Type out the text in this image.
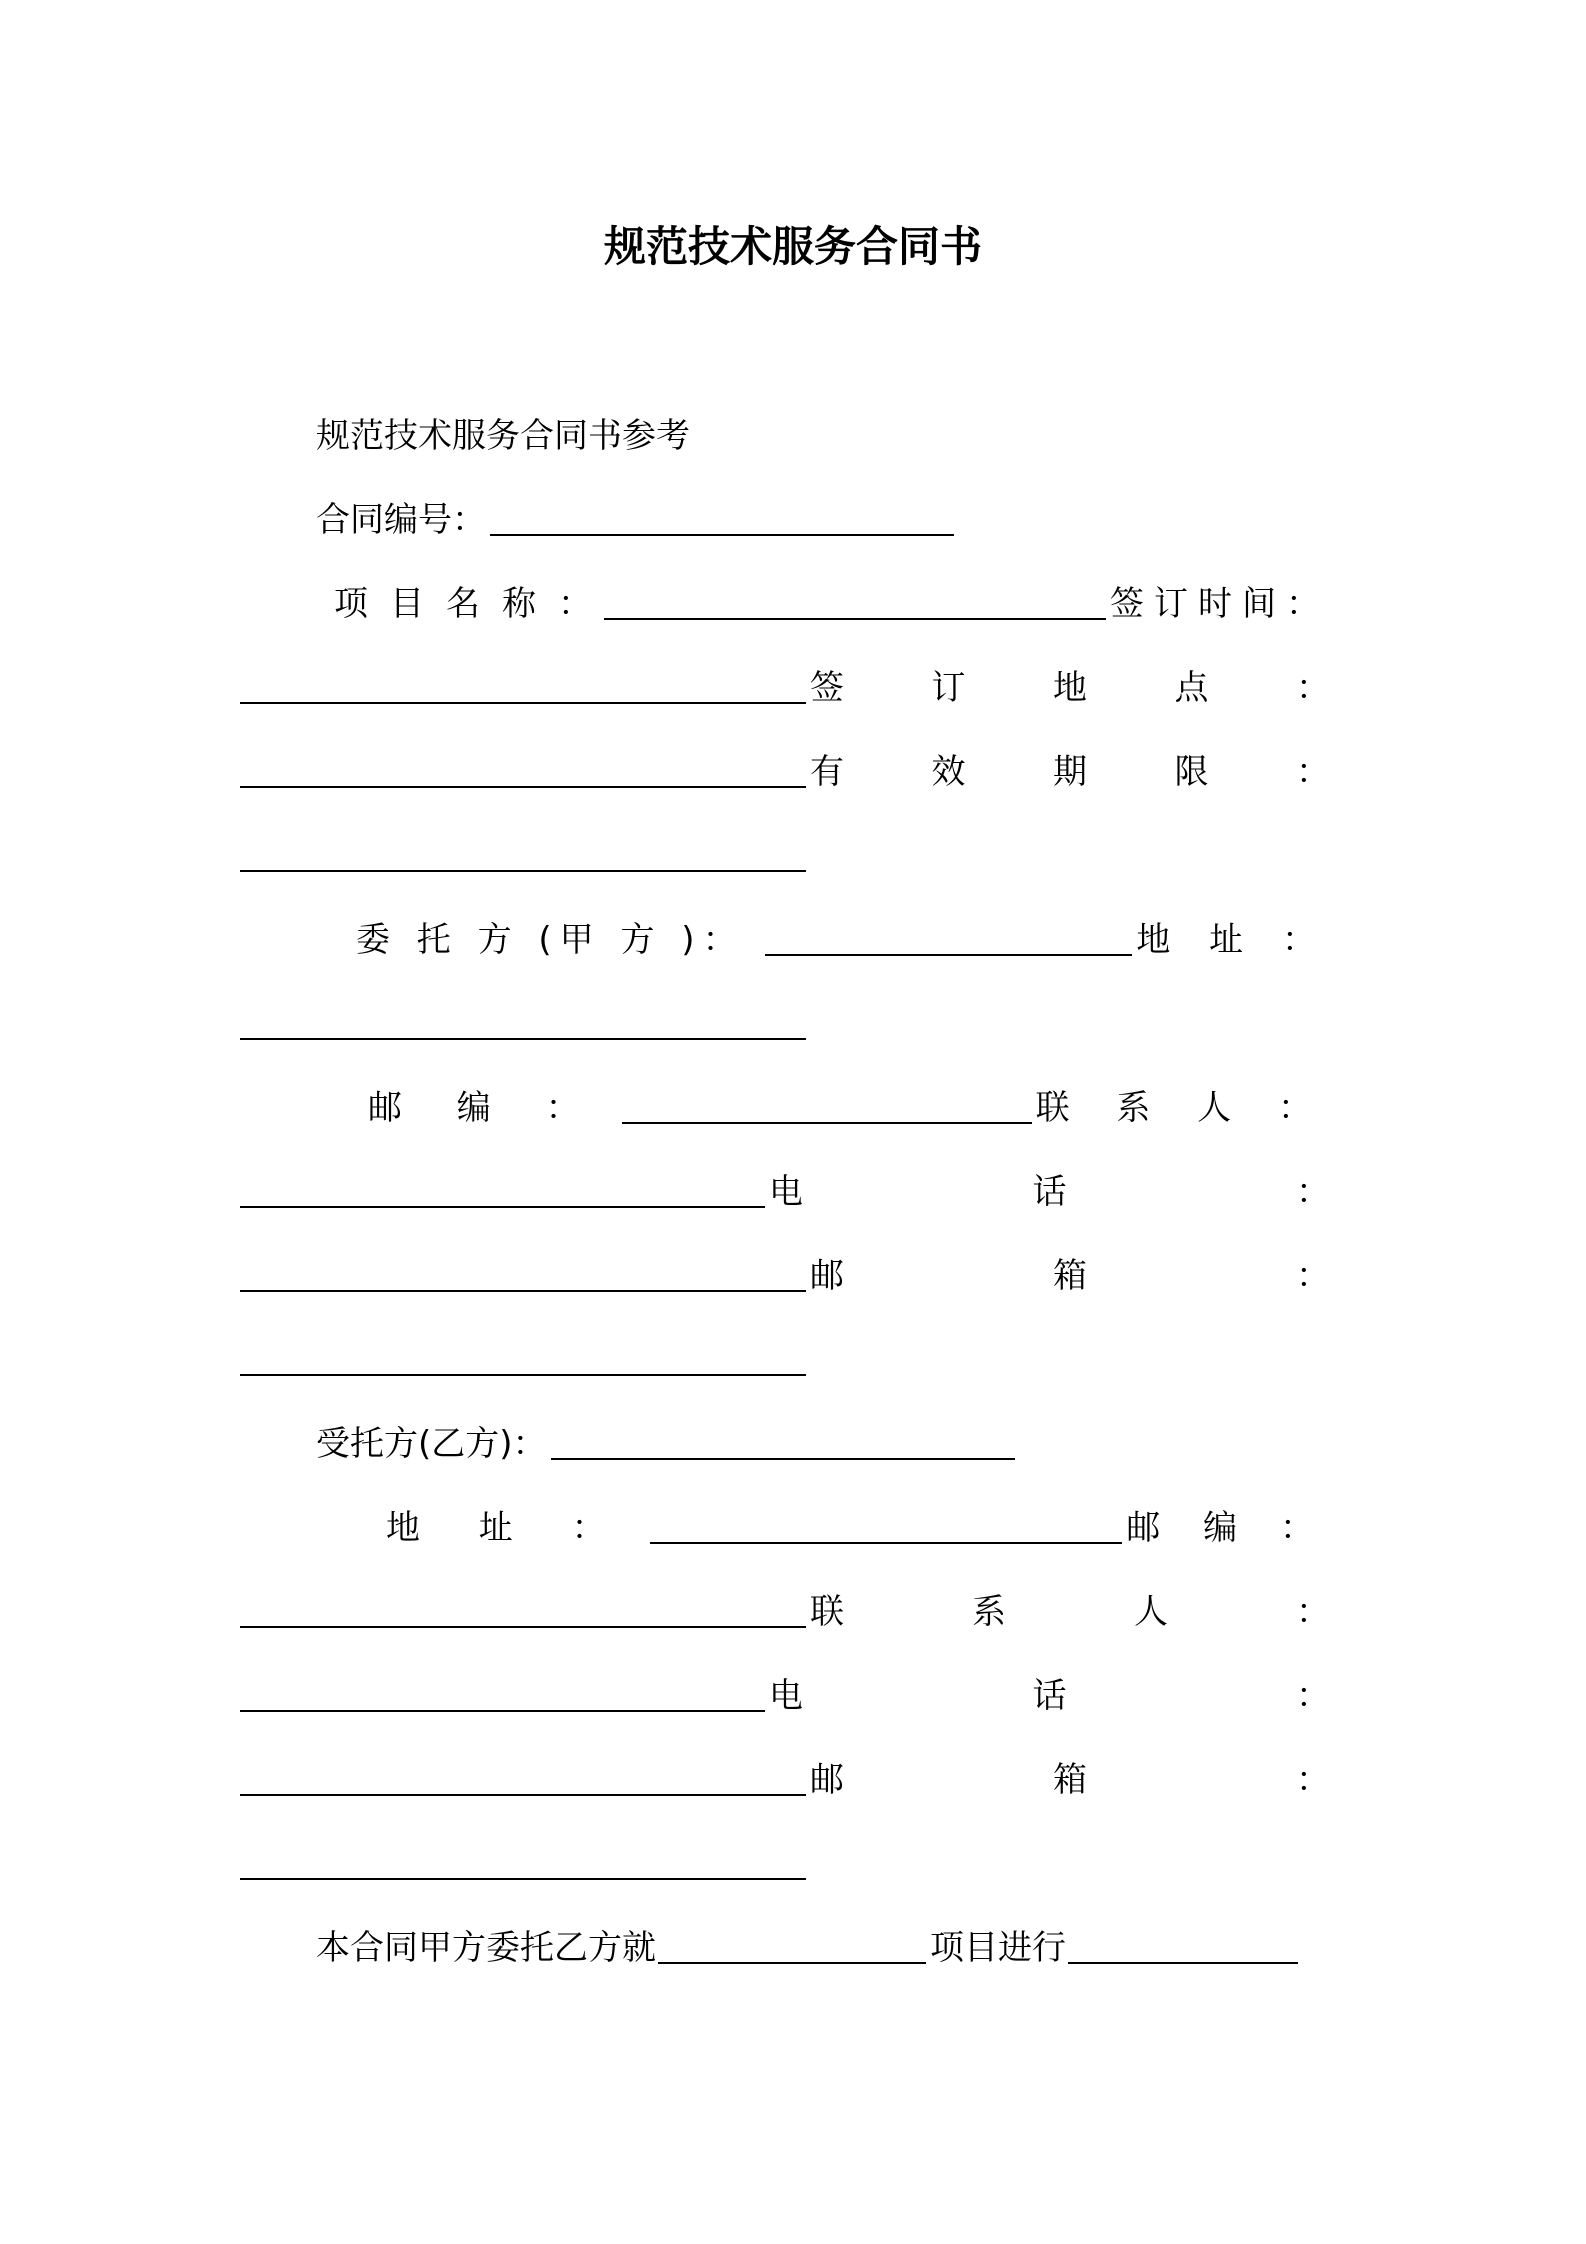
规范技术服务合同书
规范技术服务合同书参考
合同编号：
项目名称：	签订时间：
签	订	地	点	：
有	效	期	限	：
委 托 方 (甲 方 )：	地 址 ：
邮 编 ：	联 系 人 ：
电	话	：
邮	箱	：
受托方(乙方)：
地 址 ：	邮 编 ：
联	系	人	：
电	话	：
邮	箱	：
本合同甲方委托乙方就	项目进行
